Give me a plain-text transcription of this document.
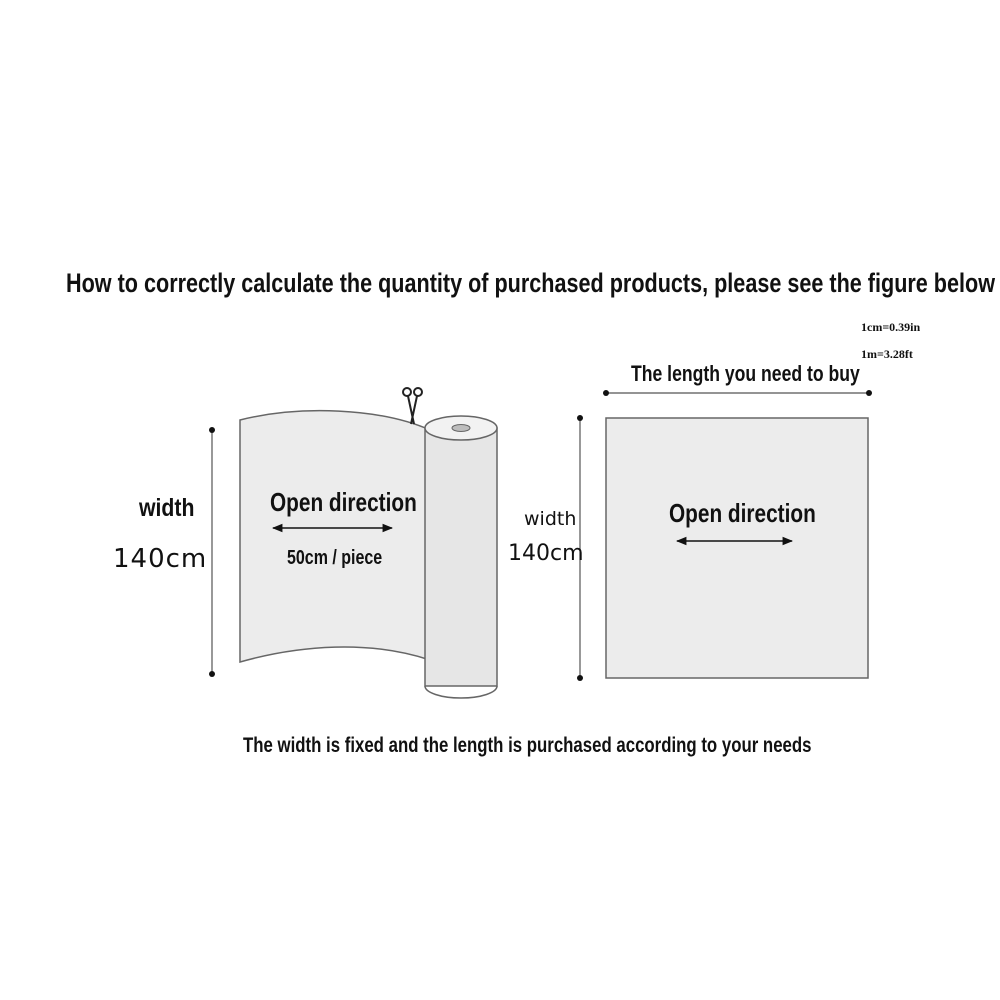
How to correctly calculate the quantity of purchased products, please see the figure below
1cm=0.39in
1m=3.28ft
width
140cm
Open direction
50cm / piece
The length you need to buy
width
140cm
Open direction
The width is fixed and the length is purchased according to your needs
